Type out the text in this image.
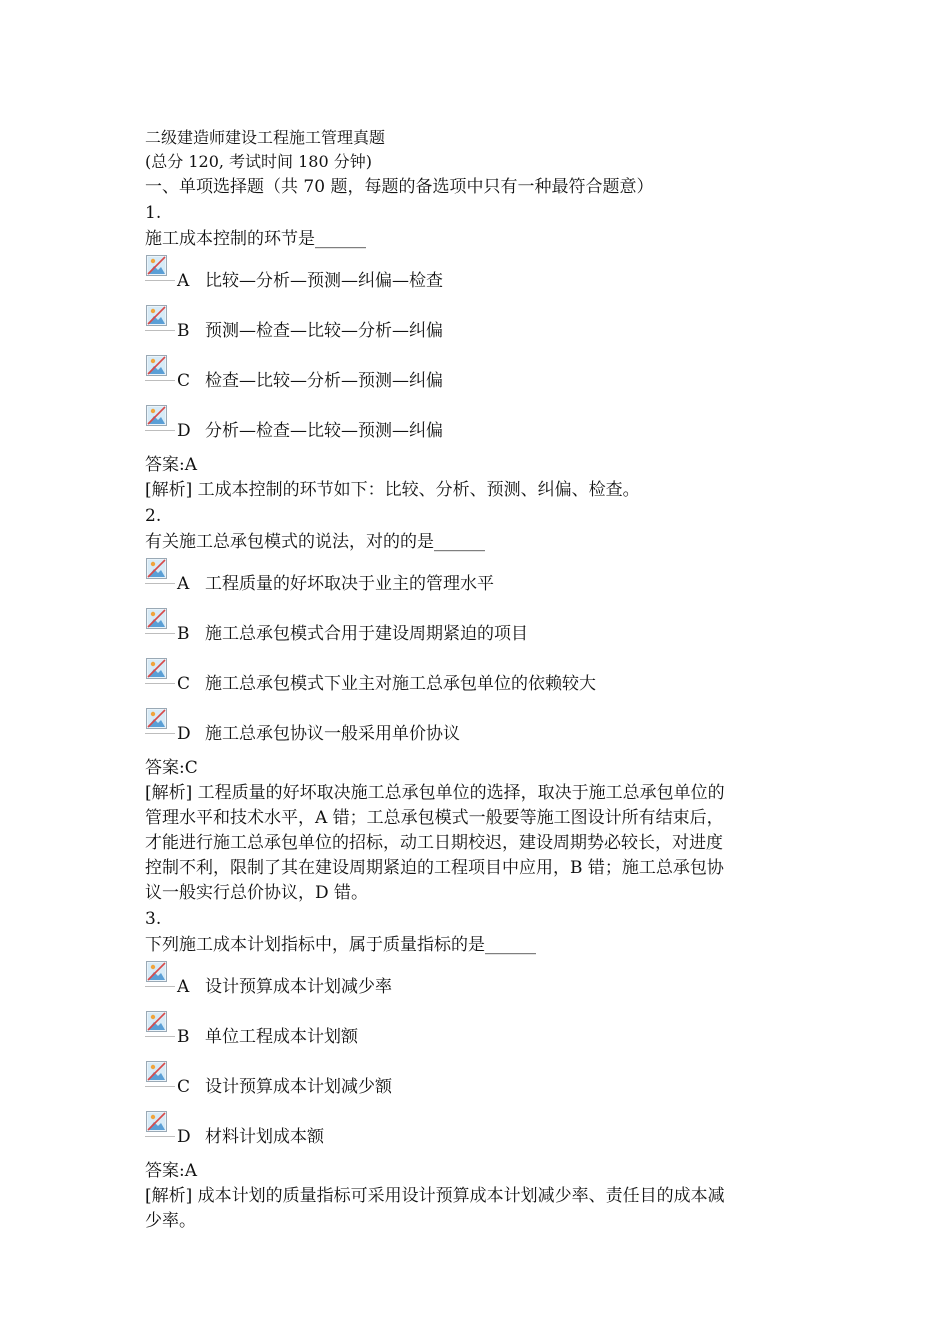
二级建造师建设工程施工管理真题
(总分 120, 考试时间 180 分钟)
一、单项选择题（共 70 题，每题的备选项中只有一种最符合题意）
1.
施工成本控制的环节是______
A 比较—分析—预测—纠偏—检查
B 预测—检查—比较—分析—纠偏
C 检查—比较—分析—预测—纠偏
D 分析—检查—比较—预测—纠偏
答案:A
[解析] 工成本控制的环节如下：比较、分析、预测、纠偏、检查。
2.
有关施工总承包模式的说法，对的的是______
A 工程质量的好坏取决于业主的管理水平
B 施工总承包模式合用于建设周期紧迫的项目
C 施工总承包模式下业主对施工总承包单位的依赖较大
D 施工总承包协议一般采用单价协议
答案:C
[解析] 工程质量的好坏取决施工总承包单位的选择，取决于施工总承包单位的
管理水平和技术水平，A 错；工总承包模式一般要等施工图设计所有结束后，
才能进行施工总承包单位的招标，动工日期校迟，建设周期势必较长，对进度
控制不利，限制了其在建设周期紧迫的工程项目中应用，B 错；施工总承包协
议一般实行总价协议，D 错。
3.
下列施工成本计划指标中，属于质量指标的是______
A 设计预算成本计划减少率
B 单位工程成本计划额
C 设计预算成本计划减少额
D 材料计划成本额
答案:A
[解析] 成本计划的质量指标可采用设计预算成本计划减少率、责任目的成本减
少率。
